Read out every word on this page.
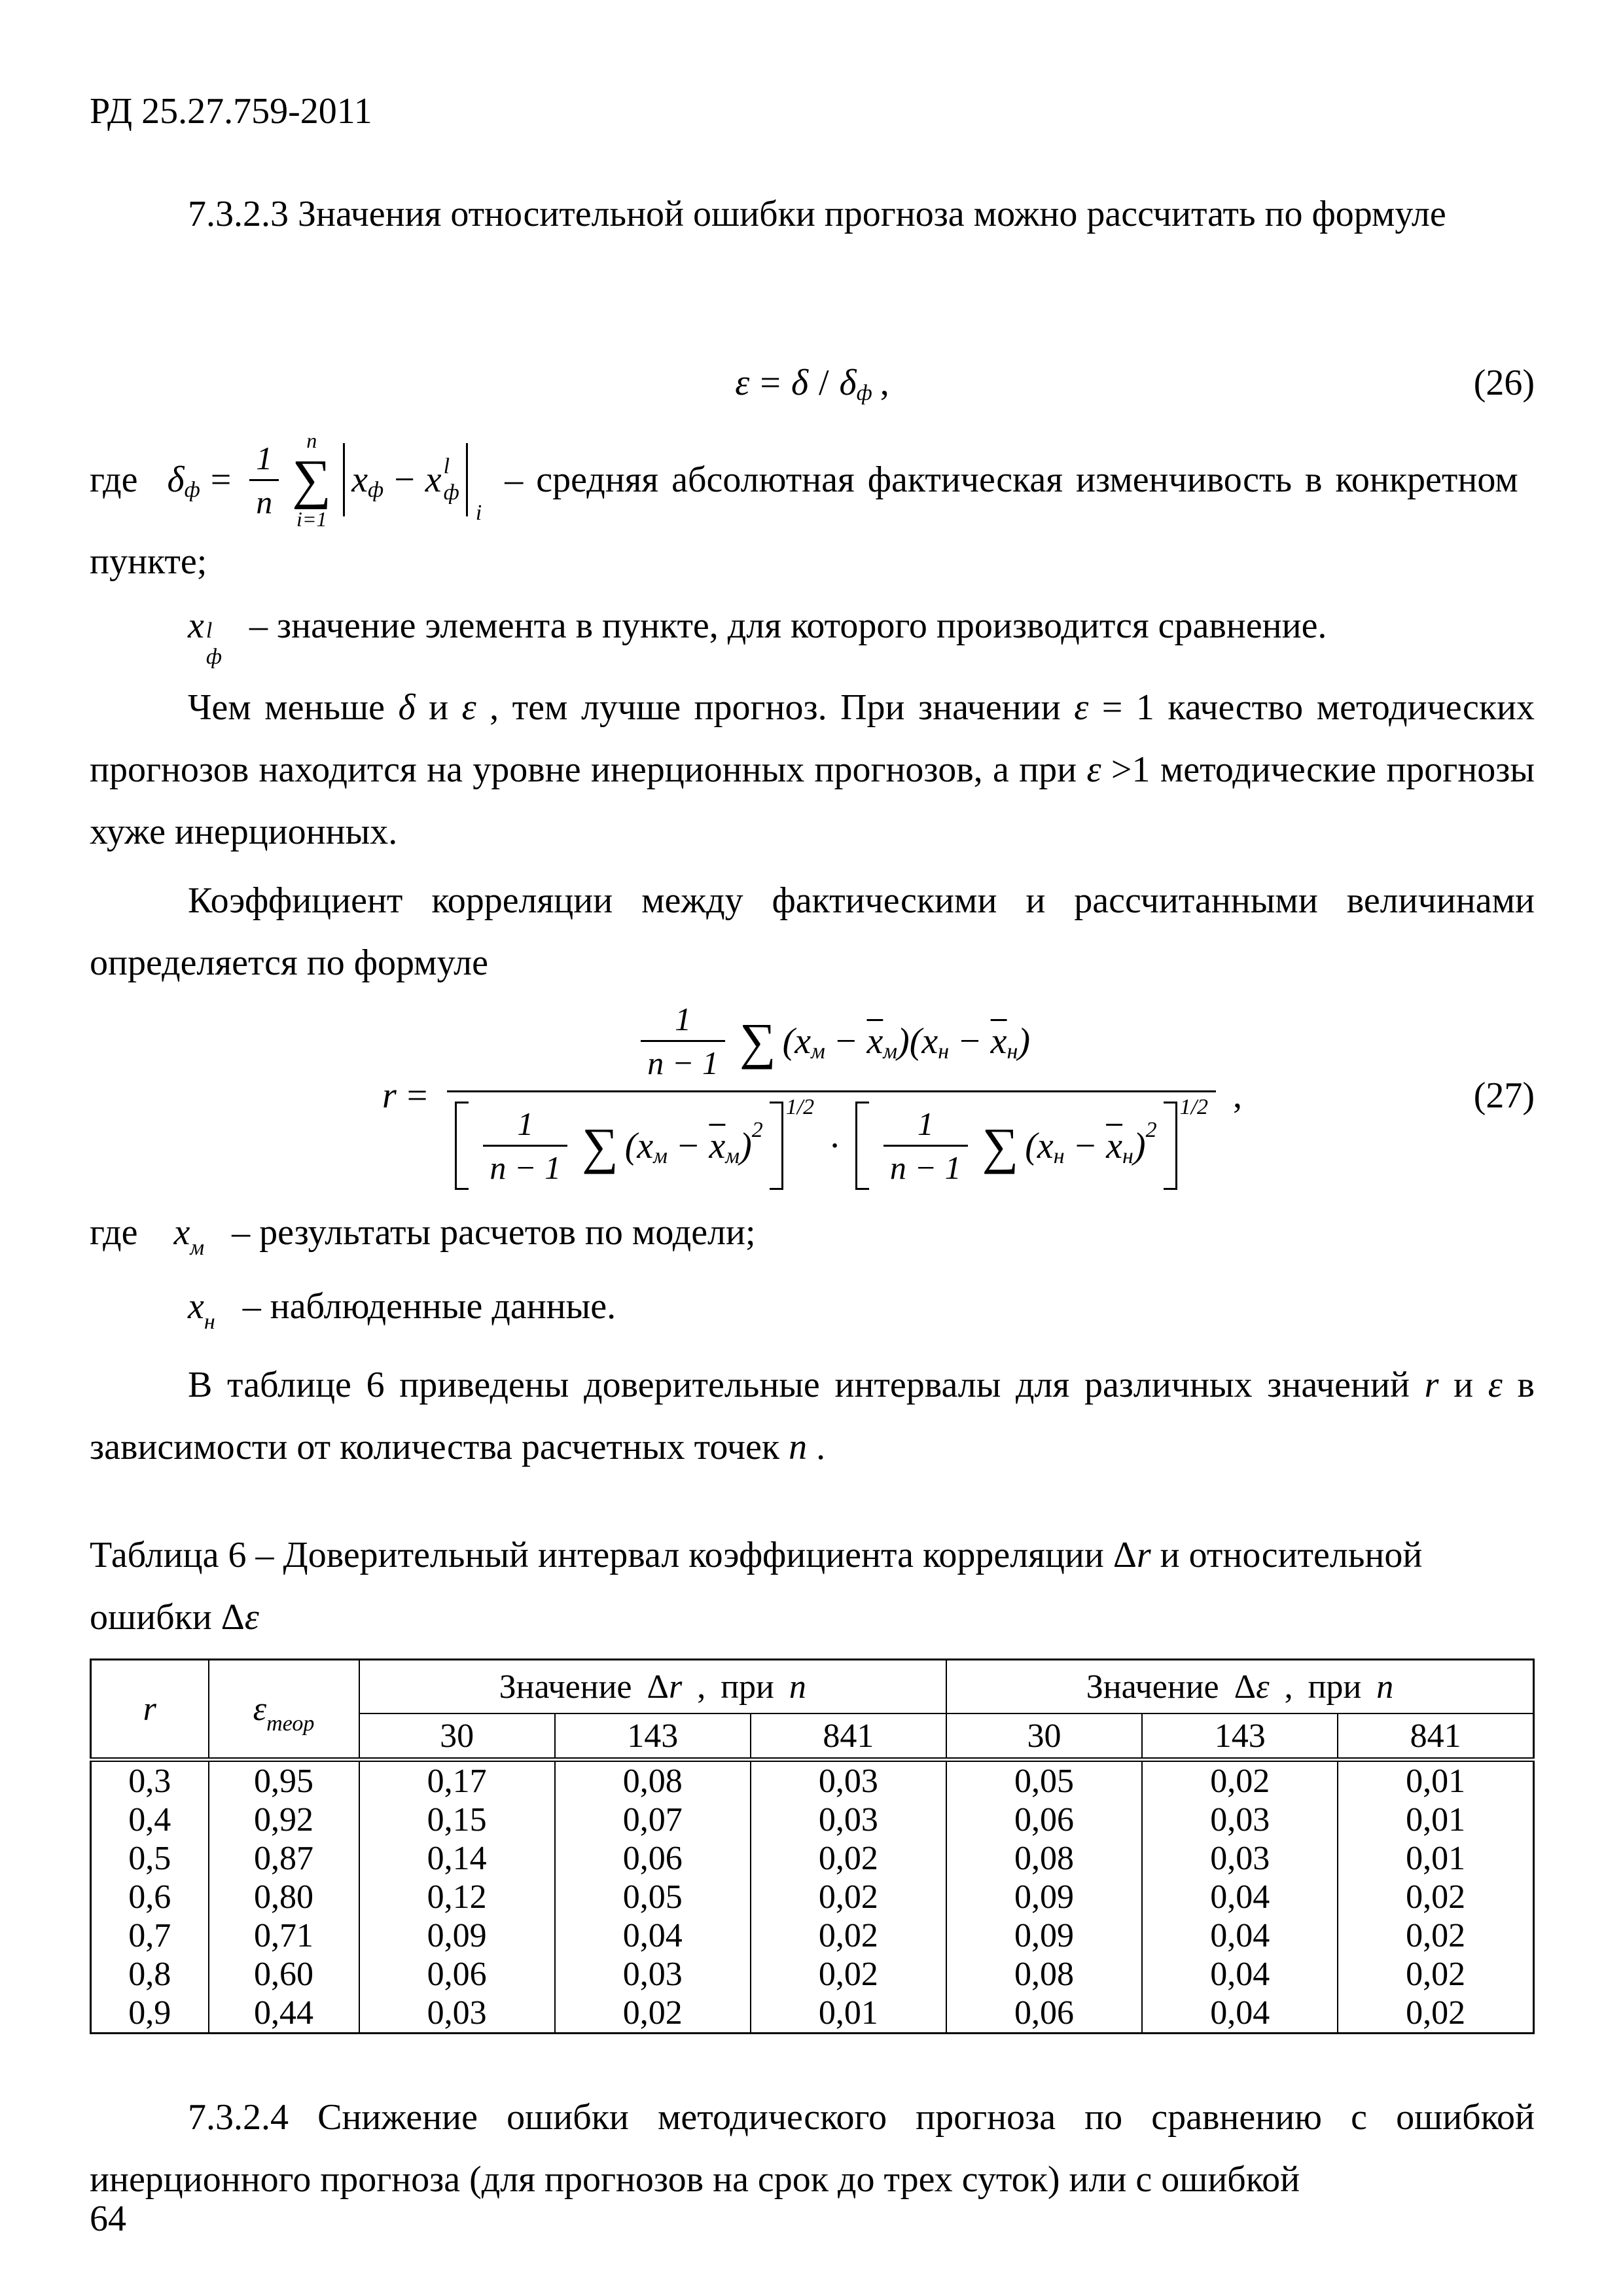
РД 25.27.759-2011

7.3.2.3 Значения относительной ошибки прогноза можно рассчитать по формуле

ε = δ / δ ф ,	(26)
где δ $ф = \frac{1}{n}$ n
∑
i=1
x ф − x l
ф
i
– средняя абсолютная фактическая изменчивость в конкретном

пункте;

x l
ф
– значение элемента в пункте, для которого производится сравнение.

Чем меньше δ и ε , тем лучше прогноз. При значении ε = 1 качество методических прогнозов находится на уровне инерционных прогнозов, а при ε >1 методические прогнозы хуже инерционных.

Коэффициент корреляции между фактическими и рассчитанными величинами определяется по формуле

r =
$\frac{1}{n - 1}$ ∑ (x $м - \overline{x}$ м ) (x $н - \overline{x}$ н )
$\frac{1}{n - 1}$ ∑ (x $м - \overline{x}$ м ) 2
1/2
· $\frac{1}{n - 1}$ ∑ (x $н - \overline{x}$ н ) 2
1/2 ,	(27)

где $x_м$ – результаты расчетов по модели;

$x_н$ – наблюденные данные.

В таблице 6 приведены доверительные интервалы для различных значений r и ε в зависимости от количества расчетных точек n .

Таблица 6 – Доверительный интервал коэффициента корреляции Δr и относительной
ошибки Δε

r	$\varepsilon_{теор}$	Значение Δr , при n			Значение Δε , при n		
		30	143	841	30	143	841
0,3	0,95	0,17	0,08	0,03	0,05	0,02	0,01
0,4	0,92	0,15	0,07	0,03	0,06	0,03	0,01
0,5	0,87	0,14	0,06	0,02	0,08	0,03	0,01
0,6	0,80	0,12	0,05	0,02	0,09	0,04	0,02
0,7	0,71	0,09	0,04	0,02	0,09	0,04	0,02
0,8	0,60	0,06	0,03	0,02	0,08	0,04	0,02
0,9	0,44	0,03	0,02	0,01	0,06	0,04	0,02

7.3.2.4 Снижение ошибки методического прогноза по сравнению с ошибкой инерционного прогноза (для прогнозов на срок до трех суток) или с ошибкой

64
